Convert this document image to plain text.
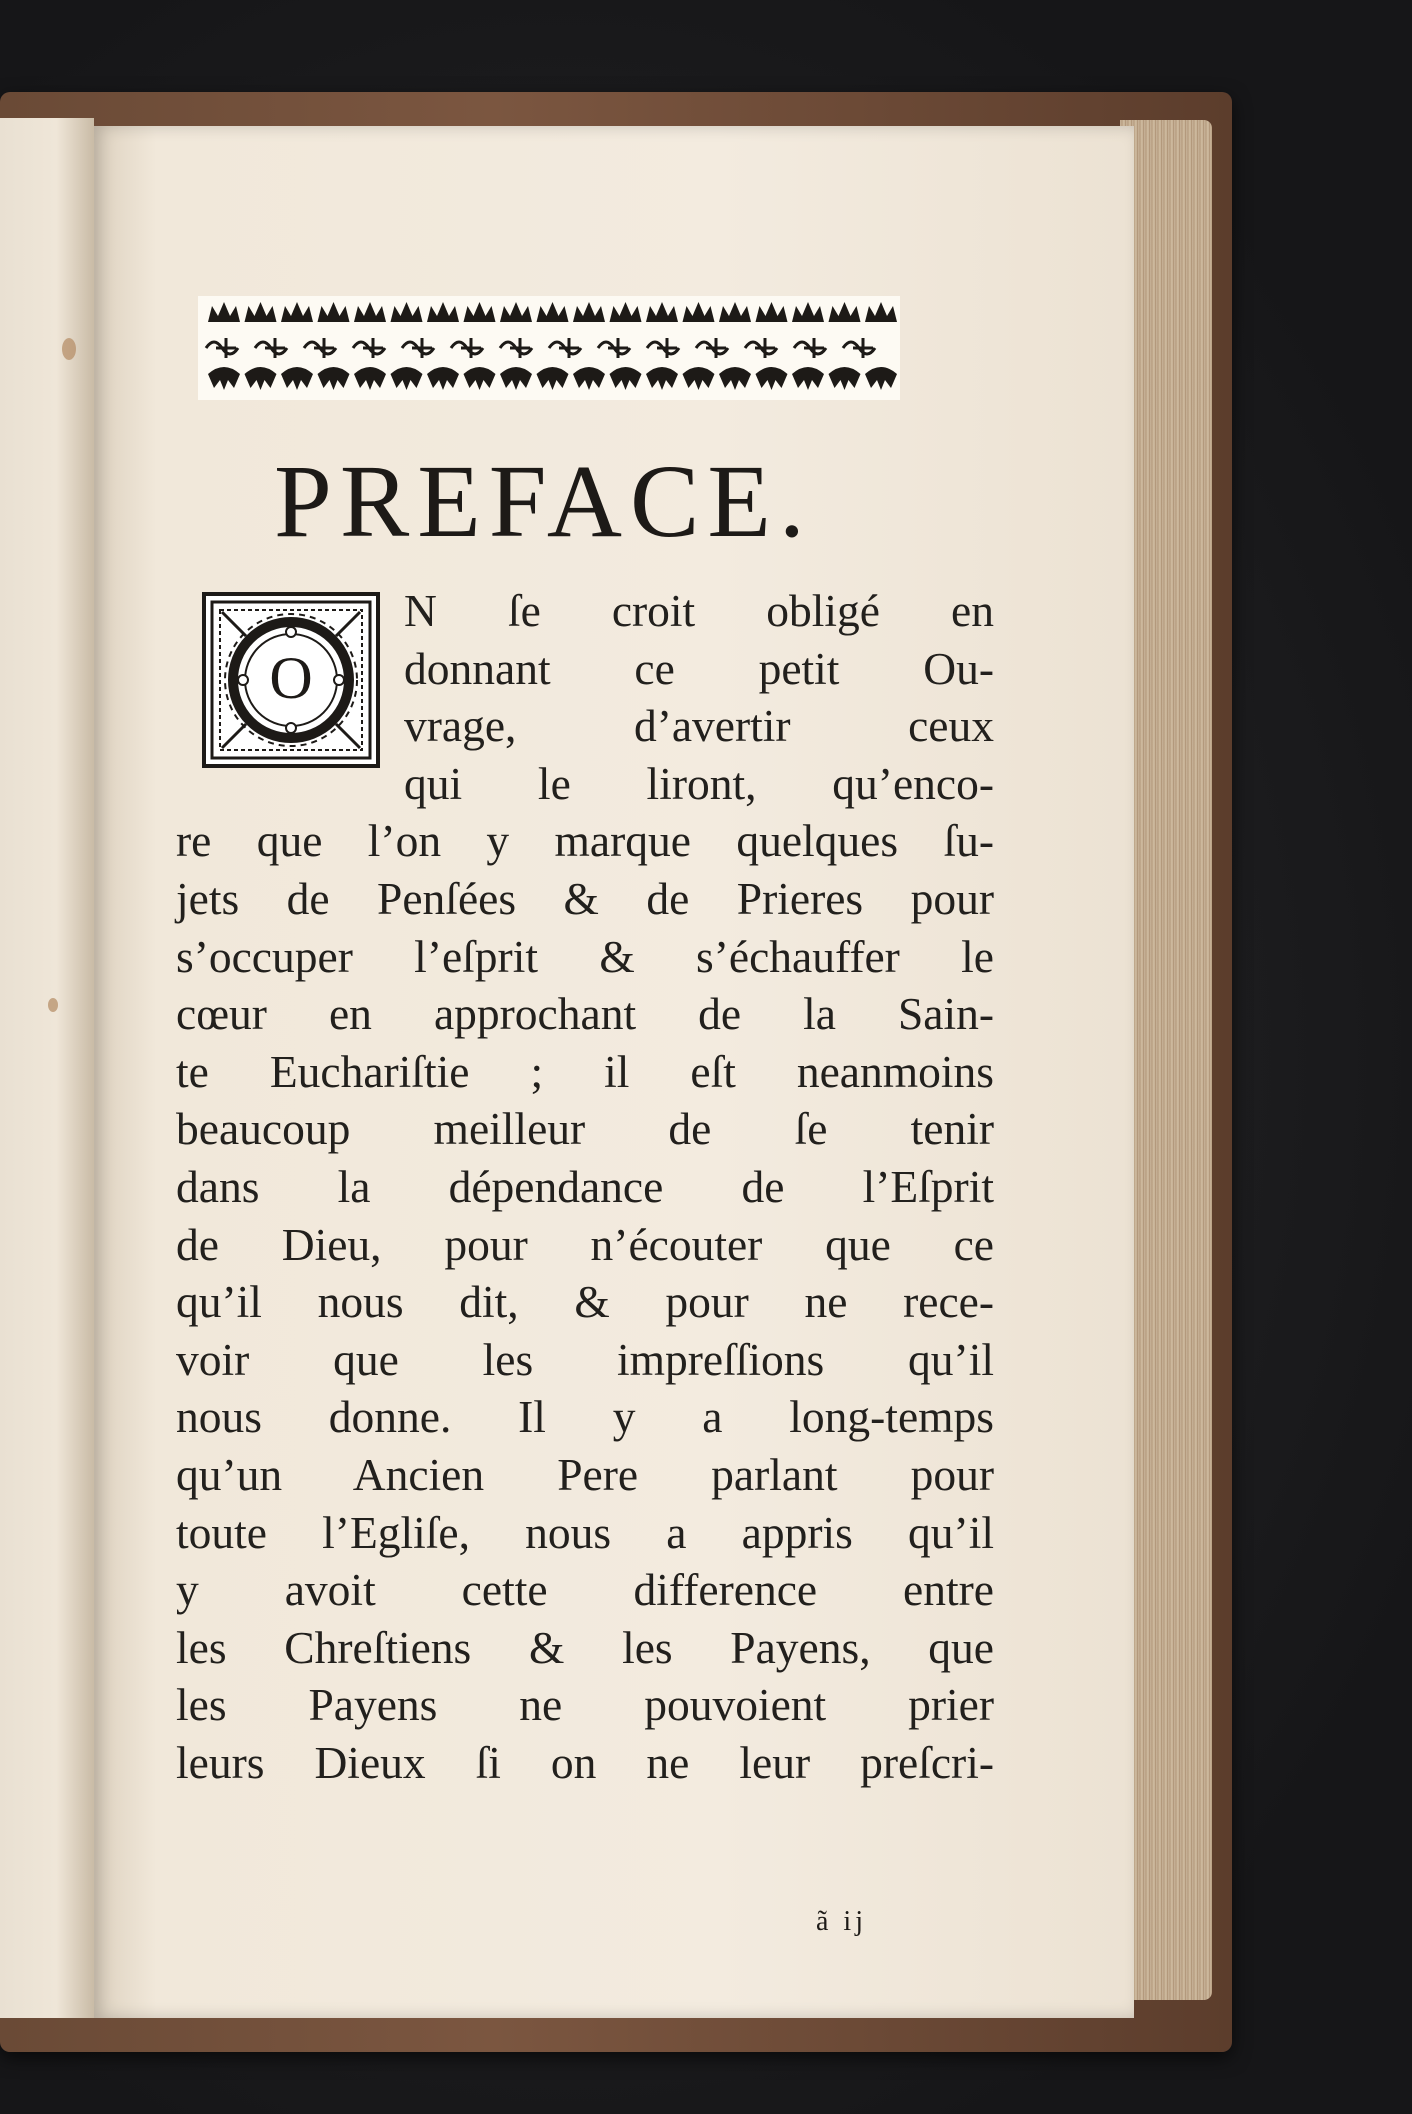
PREFACE.
O
N ſe croit obligé en
donnant ce petit Ou-
vrage, d’avertir ceux
qui le liront, qu’enco-
re que l’on y marque quelques ſu-
jets de Penſées & de Prieres pour
s’occuper l’eſprit & s’échauffer le
cœur en approchant de la Sain-
te Euchariſtie ; il eſt neanmoins
beaucoup meilleur de ſe tenir
dans la dépendance de l’Eſprit
de Dieu, pour n’écouter que ce
qu’il nous dit, & pour ne rece-
voir que les impreſſions qu’il
nous donne. Il y a long-temps
qu’un Ancien Pere parlant pour
toute l’Egliſe, nous a appris qu’il
y avoit cette difference entre
les Chreſtiens & les Payens, que
les Payens ne pouvoient prier
leurs Dieux ſi on ne leur preſcri-
ã ij
